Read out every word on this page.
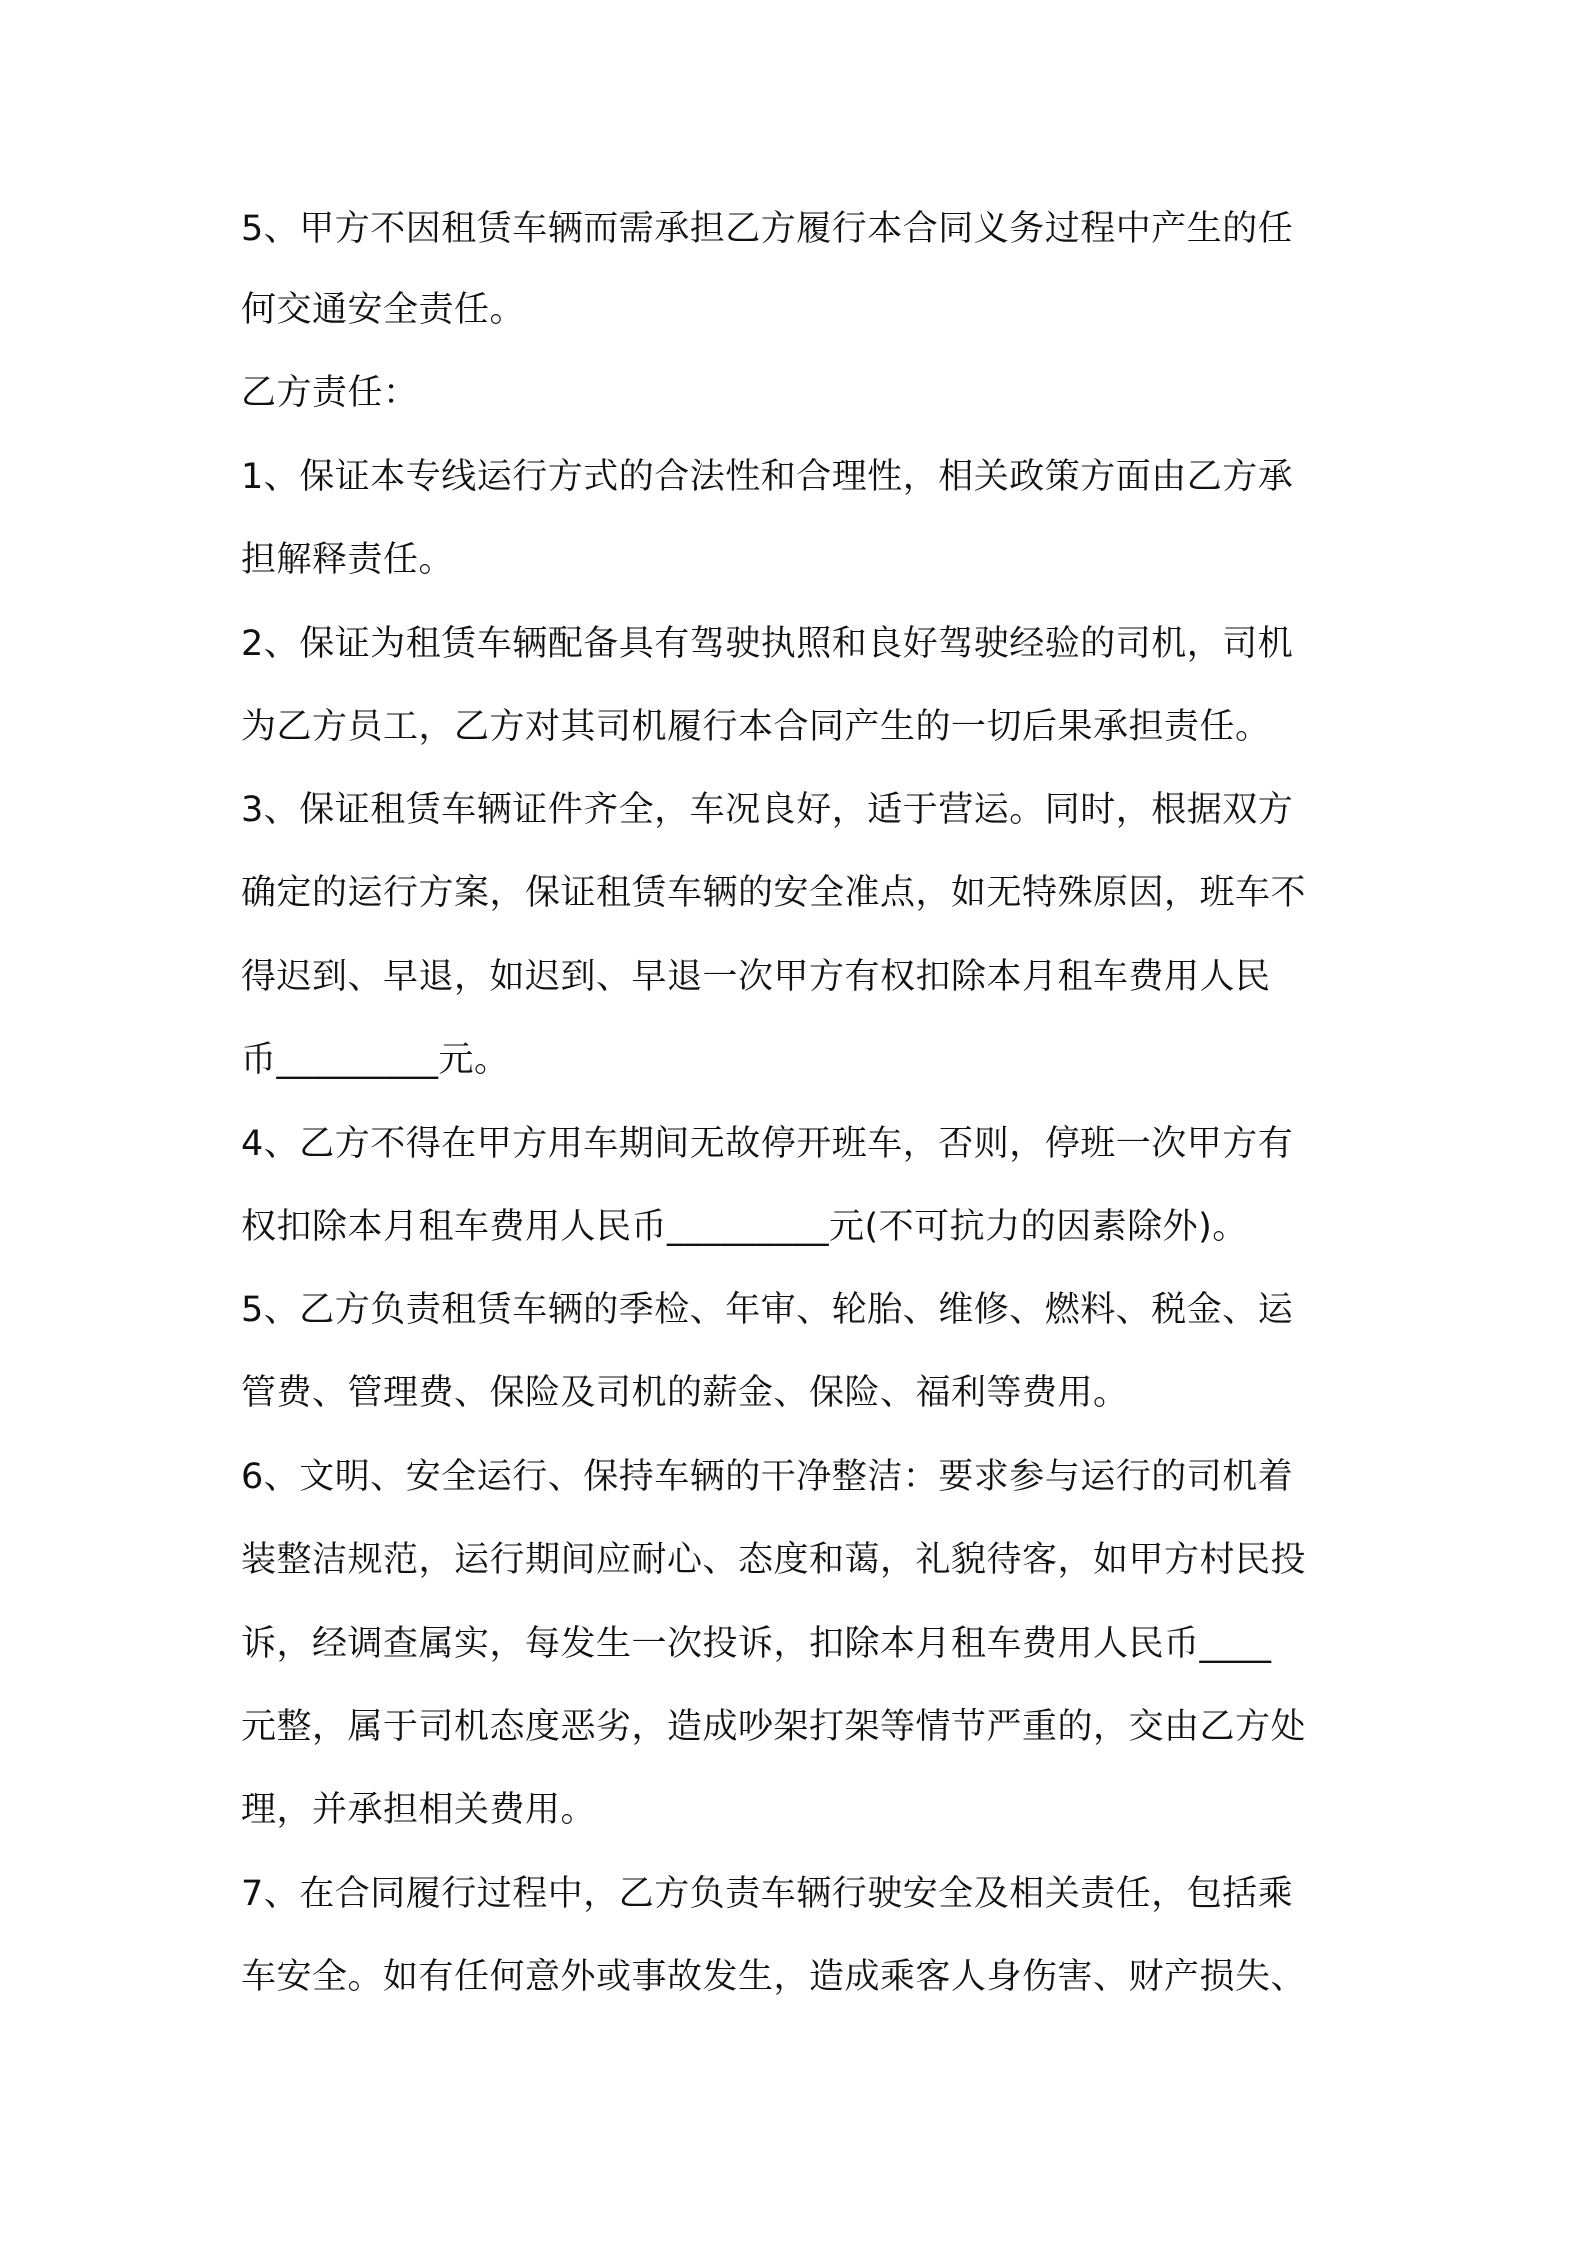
5、甲方不因租赁车辆而需承担乙方履行本合同义务过程中产生的任
何交通安全责任。
乙方责任：
1、保证本专线运行方式的合法性和合理性，相关政策方面由乙方承
担解释责任。
2、保证为租赁车辆配备具有驾驶执照和良好驾驶经验的司机，司机
为乙方员工，乙方对其司机履行本合同产生的一切后果承担责任。
3、保证租赁车辆证件齐全，车况良好，适于营运。同时，根据双方
确定的运行方案，保证租赁车辆的安全准点，如无特殊原因，班车不
得迟到、早退，如迟到、早退一次甲方有权扣除本月租车费用人民
币_________元。
4、乙方不得在甲方用车期间无故停开班车，否则，停班一次甲方有
权扣除本月租车费用人民币_________元(不可抗力的因素除外)。
5、乙方负责租赁车辆的季检、年审、轮胎、维修、燃料、税金、运
管费、管理费、保险及司机的薪金、保险、福利等费用。
6、文明、安全运行、保持车辆的干净整洁：要求参与运行的司机着
装整洁规范，运行期间应耐心、态度和蔼，礼貌待客，如甲方村民投
诉，经调查属实，每发生一次投诉，扣除本月租车费用人民币____
元整，属于司机态度恶劣，造成吵架打架等情节严重的，交由乙方处
理，并承担相关费用。
7、在合同履行过程中，乙方负责车辆行驶安全及相关责任，包括乘
车安全。如有任何意外或事故发生，造成乘客人身伤害、财产损失、
